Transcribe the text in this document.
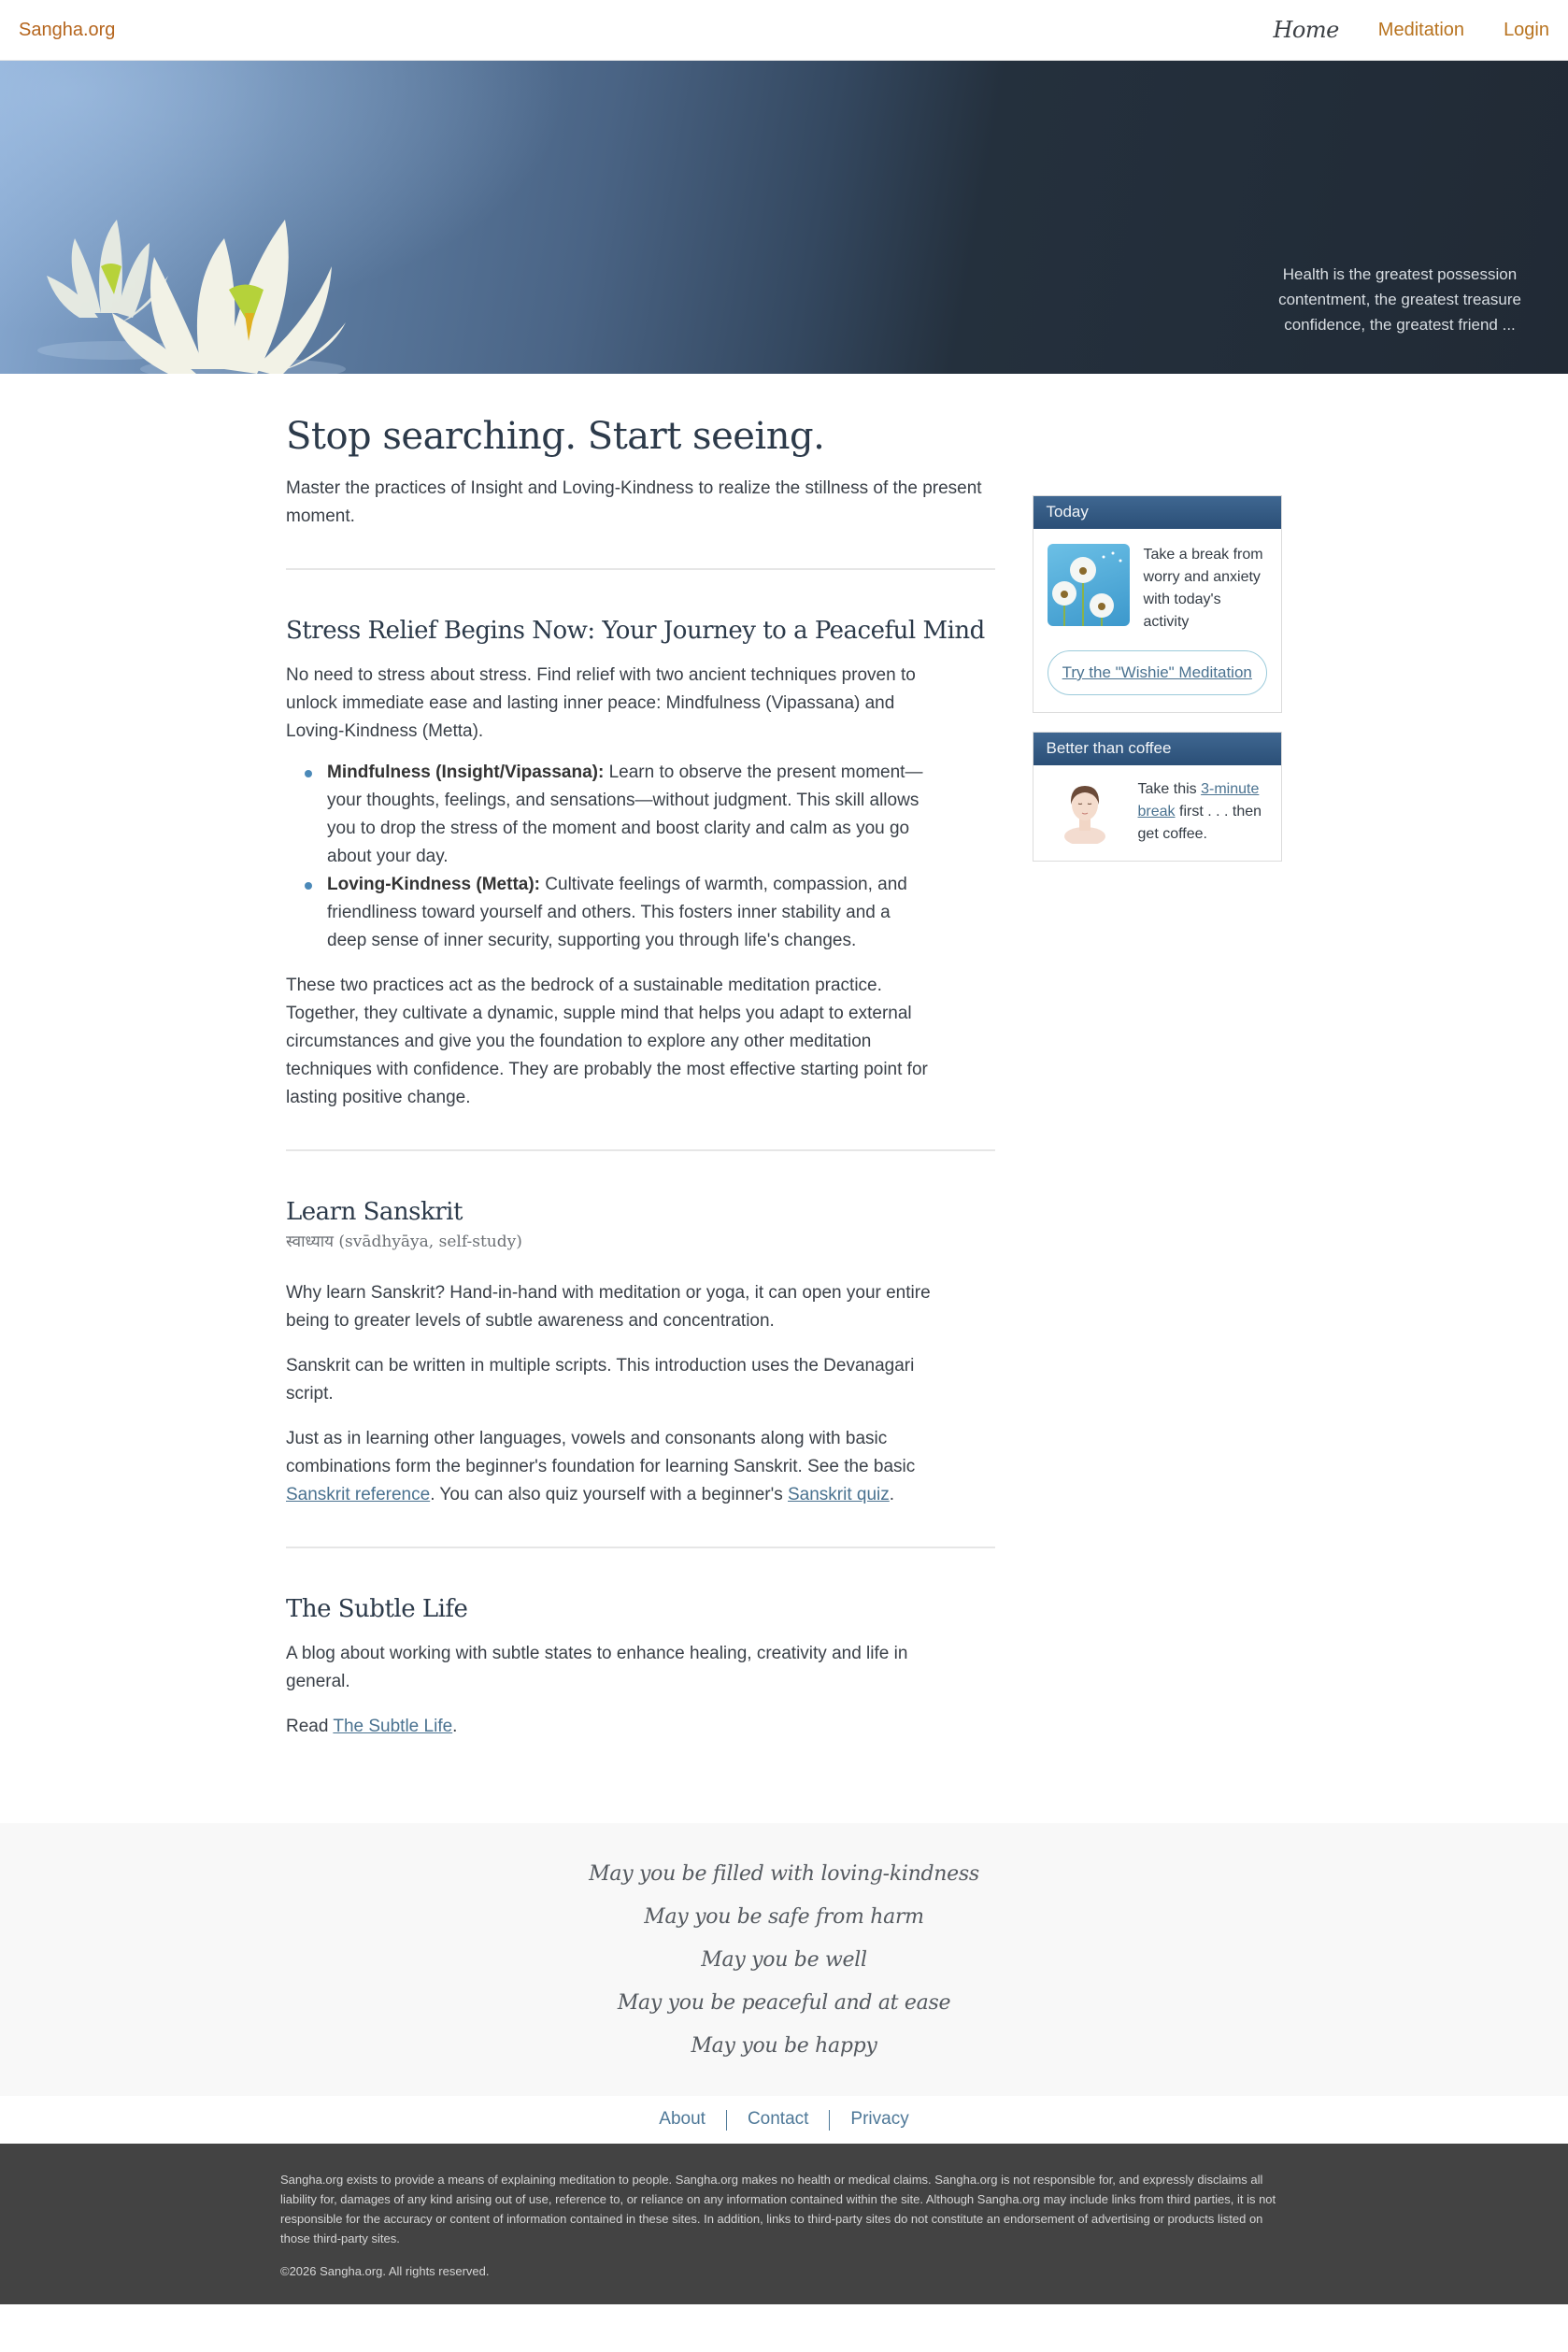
Sangha.org	Home Meditation Login
Health is the greatest possession
contentment, the greatest treasure
confidence, the greatest friend ...
Stop searching. Start seeing.

Master the practices of Insight and Loving-Kindness to realize the stillness of the present moment.

Stress Relief Begins Now: Your Journey to a Peaceful Mind

No need to stress about stress. Find relief with two ancient techniques proven to unlock immediate ease and lasting inner peace: Mindfulness (Vipassana) and Loving-Kindness (Metta).

Mindfulness (Insight/Vipassana): Learn to observe the present moment—your thoughts, feelings, and sensations—without judgment. This skill allows you to drop the stress of the moment and boost clarity and calm as you go about your day.
Loving-Kindness (Metta): Cultivate feelings of warmth, compassion, and friendliness toward yourself and others. This fosters inner stability and a deep sense of inner security, supporting you through life's changes.

These two practices act as the bedrock of a sustainable meditation practice. Together, they cultivate a dynamic, supple mind that helps you adapt to external circumstances and give you the foundation to explore any other meditation techniques with confidence. They are probably the most effective starting point for lasting positive change.

Learn Sanskrit
स्वाध्याय (svādhyāya, self-study)

Why learn Sanskrit? Hand-in-hand with meditation or yoga, it can open your entire being to greater levels of subtle awareness and concentration.

Sanskrit can be written in multiple scripts. This introduction uses the Devanagari script.

Just as in learning other languages, vowels and consonants along with basic combinations form the beginner's foundation for learning Sanskrit. See the basic Sanskrit reference. You can also quiz yourself with a beginner's Sanskrit quiz.

The Subtle Life

A blog about working with subtle states to enhance healing, creativity and life in general.

Read The Subtle Life.

Today

Take a break from worry and anxiety with today's activity

Try the "Wishie" Meditation
Better than coffee

Take this 3-minute break first . . . then get coffee.

May you be filled with loving-kindness

May you be safe from harm

May you be well

May you be peaceful and at ease

May you be happy

About Contact Privacy

Sangha.org exists to provide a means of explaining meditation to people. Sangha.org makes no health or medical claims. Sangha.org is not responsible for, and expressly disclaims all liability for, damages of any kind arising out of use, reference to, or reliance on any information contained within the site. Although Sangha.org may include links from third parties, it is not responsible for the accuracy or content of information contained in these sites. In addition, links to third-party sites do not constitute an endorsement of advertising or products listed on those third-party sites.

©2026 Sangha.org. All rights reserved.
